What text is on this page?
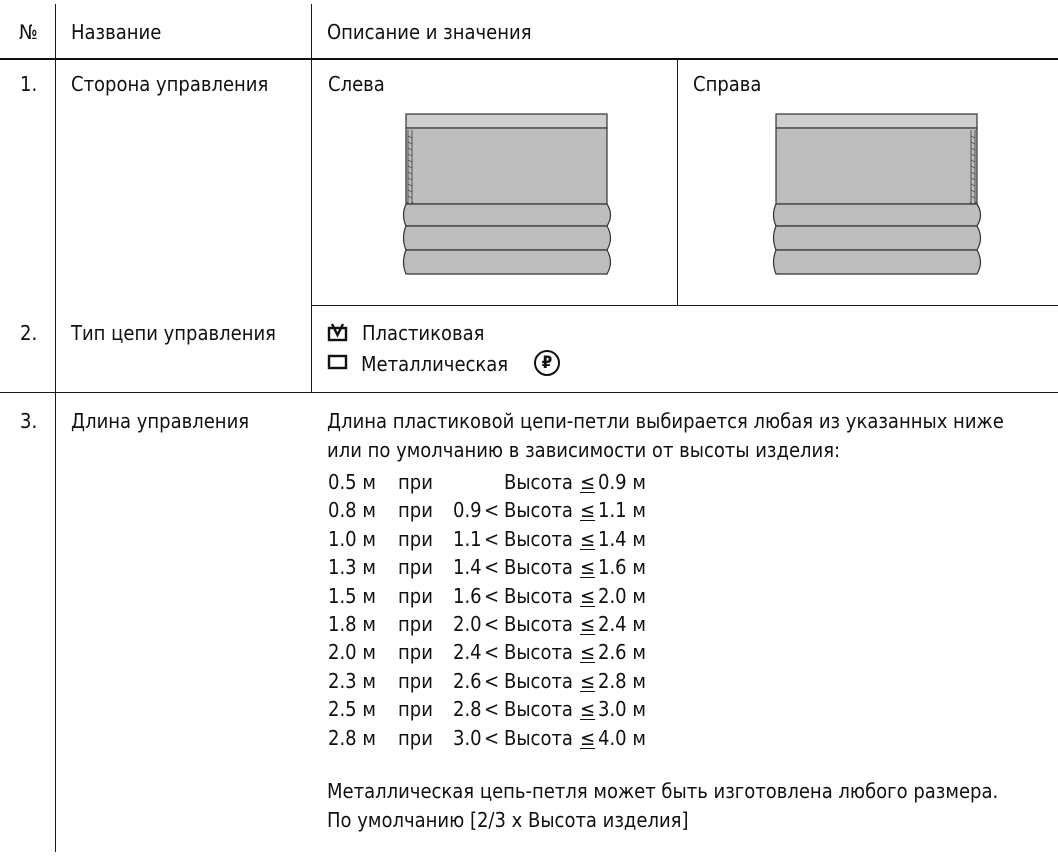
№ Название	Описание и значения
1. Сторона управления	Слева	Справа
2. Тип цепи управления	Пластиковая
Металлическая	₽
3. Длина управления	Длина пластиковой цепи-петли выбирается любая из указанных ниже
или по умолчанию в зависимости от высоты изделия:
0.5 м при	Высота ≤ 0.9 м
0.8 м при 0.9 < Высота ≤ 1.1 м
1.0 м при 1.1 < Высота ≤ 1.4 м
1.3 м при 1.4 < Высота ≤ 1.6 м
1.5 м при 1.6 < Высота ≤ 2.0 м
1.8 м при 2.0 < Высота ≤ 2.4 м
2.0 м при 2.4 < Высота ≤ 2.6 м
2.3 м при 2.6 < Высота ≤ 2.8 м
2.5 м при 2.8 < Высота ≤ 3.0 м
2.8 м при 3.0 < Высота ≤ 4.0 м
Металлическая цепь-петля может быть изготовлена любого размера.
По умолчанию [2/3 x Высота изделия]
